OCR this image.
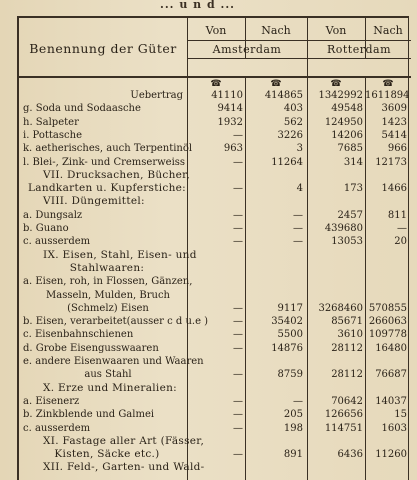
... u n d ...
Benennung der Güter
Von	Nach	Von	Nach
Amsterdam	Rotterdam
☎	☎	☎	☎
Uebertrag	41110	414865	1342992 1611894
g. Soda und Sodaasche	9414	403	49548	3609
h. Salpeter	1932	562	124950	1423
i. Pottasche	—	3226	14206	5414
k. aetherisches, auch Terpentinöl	963	3	7685	966
l. Blei-, Zink- und Cremserweiss	—	11264	314	12173
VII. Drucksachen, Bücher,
Landkarten u. Kupferstiche:	—	4	173	1466
VIII. Düngemittel:
a. Dungsalz	—	—	2457	811
b. Guano	—	—	439680	—
c. ausserdem	—	—	13053	20
IX. Eisen, Stahl, Eisen- und
Stahlwaaren:
a. Eisen, roh, in Flossen, Gänzen,
Masseln, Mulden, Bruch
(Schmelz) Eisen	—	9117	3268460 570855
b. Eisen, verarbeitet(ausser c d u.e )	—	35402	85671 266063
c. Eisenbahnschienen	—	5500	3610 109778
d. Grobe Eisengusswaaren	—	14876	28112	16480
e. andere Eisenwaaren und Waaren
aus Stahl	—	8759	28112	76687
X. Erze und Mineralien:
a. Eisenerz	—	—	70642	14037
b. Zinkblende und Galmei	—	205	126656	15
c. ausserdem	—	198	114751	1603
XI. Fastage aller Art (Fässer,
Kisten, Säcke etc.)	—	891	6436	11260
XII. Feld-, Garten- und Wald-
